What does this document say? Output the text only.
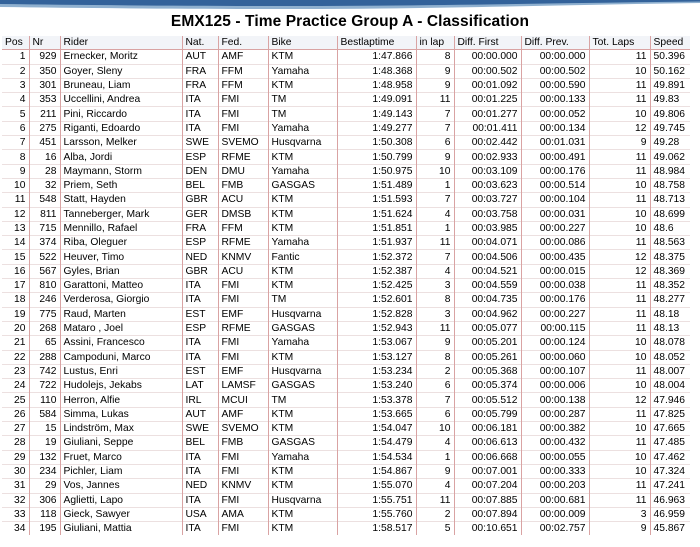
EMX125 - Time Practice Group A - Classification
Pos	Nr	Rider	Nat.	Fed.	Bike	Bestlaptime	in lap	Diff. First	Diff. Prev.	Tot. Laps	Speed
1	929	Ernecker, Moritz	AUT	AMF	KTM	1:47.866	8	00:00.000	00:00.000	11	50.396
2	350	Goyer, Sleny	FRA	FFM	Yamaha	1:48.368	9	00:00.502	00:00.502	10	50.162
3	301	Bruneau, Liam	FRA	FFM	KTM	1:48.958	9	00:01.092	00:00.590	11	49.891
4	353	Uccellini, Andrea	ITA	FMI	TM	1:49.091	11	00:01.225	00:00.133	11	49.83
5	211	Pini, Riccardo	ITA	FMI	TM	1:49.143	7	00:01.277	00:00.052	10	49.806
6	275	Riganti, Edoardo	ITA	FMI	Yamaha	1:49.277	7	00:01.411	00:00.134	12	49.745
7	451	Larsson, Melker	SWE	SVEMO	Husqvarna	1:50.308	6	00:02.442	00:01.031	9	49.28
8	16	Alba, Jordi	ESP	RFME	KTM	1:50.799	9	00:02.933	00:00.491	11	49.062
9	28	Maymann, Storm	DEN	DMU	Yamaha	1:50.975	10	00:03.109	00:00.176	11	48.984
10	32	Priem, Seth	BEL	FMB	GASGAS	1:51.489	1	00:03.623	00:00.514	10	48.758
11	548	Statt, Hayden	GBR	ACU	KTM	1:51.593	7	00:03.727	00:00.104	11	48.713
12	811	Tanneberger, Mark	GER	DMSB	KTM	1:51.624	4	00:03.758	00:00.031	10	48.699
13	715	Mennillo, Rafael	FRA	FFM	KTM	1:51.851	1	00:03.985	00:00.227	10	48.6
14	374	Riba, Oleguer	ESP	RFME	Yamaha	1:51.937	11	00:04.071	00:00.086	11	48.563
15	522	Heuver, Timo	NED	KNMV	Fantic	1:52.372	7	00:04.506	00:00.435	12	48.375
16	567	Gyles, Brian	GBR	ACU	KTM	1:52.387	4	00:04.521	00:00.015	12	48.369
17	810	Garattoni, Matteo	ITA	FMI	KTM	1:52.425	3	00:04.559	00:00.038	11	48.352
18	246	Verderosa, Giorgio	ITA	FMI	TM	1:52.601	8	00:04.735	00:00.176	11	48.277
19	775	Raud, Marten	EST	EMF	Husqvarna	1:52.828	3	00:04.962	00:00.227	11	48.18
20	268	Mataro , Joel	ESP	RFME	GASGAS	1:52.943	11	00:05.077	00:00.115	11	48.13
21	65	Assini, Francesco	ITA	FMI	Yamaha	1:53.067	9	00:05.201	00:00.124	10	48.078
22	288	Campoduni, Marco	ITA	FMI	KTM	1:53.127	8	00:05.261	00:00.060	10	48.052
23	742	Lustus, Enri	EST	EMF	Husqvarna	1:53.234	2	00:05.368	00:00.107	11	48.007
24	722	Hudolejs, Jekabs	LAT	LAMSF	GASGAS	1:53.240	6	00:05.374	00:00.006	10	48.004
25	110	Herron, Alfie	IRL	MCUI	TM	1:53.378	7	00:05.512	00:00.138	12	47.946
26	584	Simma, Lukas	AUT	AMF	KTM	1:53.665	6	00:05.799	00:00.287	11	47.825
27	15	Lindström, Max	SWE	SVEMO	KTM	1:54.047	10	00:06.181	00:00.382	10	47.665
28	19	Giuliani, Seppe	BEL	FMB	GASGAS	1:54.479	4	00:06.613	00:00.432	11	47.485
29	132	Fruet, Marco	ITA	FMI	Yamaha	1:54.534	1	00:06.668	00:00.055	10	47.462
30	234	Pichler, Liam	ITA	FMI	KTM	1:54.867	9	00:07.001	00:00.333	10	47.324
31	29	Vos, Jannes	NED	KNMV	KTM	1:55.070	4	00:07.204	00:00.203	11	47.241
32	306	Aglietti, Lapo	ITA	FMI	Husqvarna	1:55.751	11	00:07.885	00:00.681	11	46.963
33	118	Gieck, Sawyer	USA	AMA	KTM	1:55.760	2	00:07.894	00:00.009	3	46.959
34	195	Giuliani, Mattia	ITA	FMI	KTM	1:58.517	5	00:10.651	00:02.757	9	45.867
